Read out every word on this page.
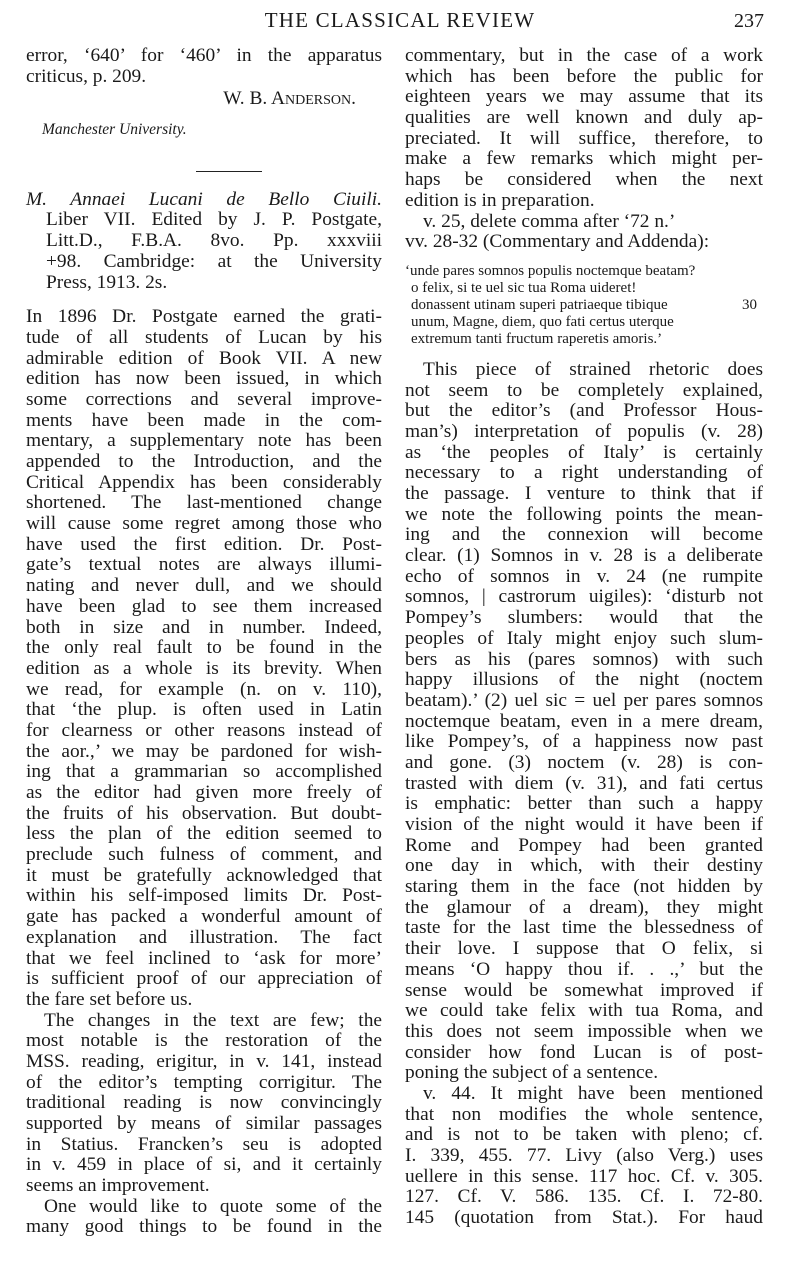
THE CLASSICAL REVIEW	237
error, ‘640’ for ‘460’ in the apparatus
criticus, p. 209.
W. B. Anderson.
Manchester University.
M. Annaei Lucani de Bello Ciuili.
Liber VII. Edited by J. P. Postgate,
Litt.D., F.B.A. 8vo. Pp. xxxviii
+98. Cambridge: at the University
Press, 1913. 2s.
In 1896 Dr. Postgate earned the grati-
tude of all students of Lucan by his
admirable edition of Book VII. A new
edition has now been issued, in which
some corrections and several improve-
ments have been made in the com-
mentary, a supplementary note has been
appended to the Introduction, and the
Critical Appendix has been considerably
shortened. The last-mentioned change
will cause some regret among those who
have used the first edition. Dr. Post-
gate’s textual notes are always illumi-
nating and never dull, and we should
have been glad to see them increased
both in size and in number. Indeed,
the only real fault to be found in the
edition as a whole is its brevity. When
we read, for example (n. on v. 110),
that ‘the plup. is often used in Latin
for clearness or other reasons instead of
the aor.,’ we may be pardoned for wish-
ing that a grammarian so accomplished
as the editor had given more freely of
the fruits of his observation. But doubt-
less the plan of the edition seemed to
preclude such fulness of comment, and
it must be gratefully acknowledged that
within his self-imposed limits Dr. Post-
gate has packed a wonderful amount of
explanation and illustration. The fact
that we feel inclined to ‘ask for more’
is sufficient proof of our appreciation of
the fare set before us.
The changes in the text are few; the
most notable is the restoration of the
MSS. reading, erigitur, in v. 141, instead
of the editor’s tempting corrigitur. The
traditional reading is now convincingly
supported by means of similar passages
in Statius. Francken’s seu is adopted
in v. 459 in place of si, and it certainly
seems an improvement.
One would like to quote some of the
many good things to be found in the
commentary, but in the case of a work
which has been before the public for
eighteen years we may assume that its
qualities are well known and duly ap-
preciated. It will suffice, therefore, to
make a few remarks which might per-
haps be considered when the next
edition is in preparation.
v. 25, delete comma after ‘72 n.’
vv. 28-32 (Commentary and Addenda):
‘unde pares somnos populis noctemque beatam?
o felix, si te uel sic tua Roma uideret!
donassent utinam superi patriaeque tibique	30
unum, Magne, diem, quo fati certus uterque
extremum tanti fructum raperetis amoris.’
This piece of strained rhetoric does
not seem to be completely explained,
but the editor’s (and Professor Hous-
man’s) interpretation of populis (v. 28)
as ‘the peoples of Italy’ is certainly
necessary to a right understanding of
the passage. I venture to think that if
we note the following points the mean-
ing and the connexion will become
clear. (1) Somnos in v. 28 is a deliberate
echo of somnos in v. 24 (ne rumpite
somnos, | castrorum uigiles): ‘disturb not
Pompey’s slumbers: would that the
peoples of Italy might enjoy such slum-
bers as his (pares somnos) with such
happy illusions of the night (noctem
beatam).’ (2) uel sic = uel per pares somnos
noctemque beatam, even in a mere dream,
like Pompey’s, of a happiness now past
and gone. (3) noctem (v. 28) is con-
trasted with diem (v. 31), and fati certus
is emphatic: better than such a happy
vision of the night would it have been if
Rome and Pompey had been granted
one day in which, with their destiny
staring them in the face (not hidden by
the glamour of a dream), they might
taste for the last time the blessedness of
their love. I suppose that O felix, si
means ‘O happy thou if. . .,’ but the
sense would be somewhat improved if
we could take felix with tua Roma, and
this does not seem impossible when we
consider how fond Lucan is of post-
poning the subject of a sentence.
v. 44. It might have been mentioned
that non modifies the whole sentence,
and is not to be taken with pleno; cf.
I. 339, 455. 77. Livy (also Verg.) uses
uellere in this sense. 117 hoc. Cf. v. 305.
127. Cf. V. 586. 135. Cf. I. 72-80.
145 (quotation from Stat.). For haud
